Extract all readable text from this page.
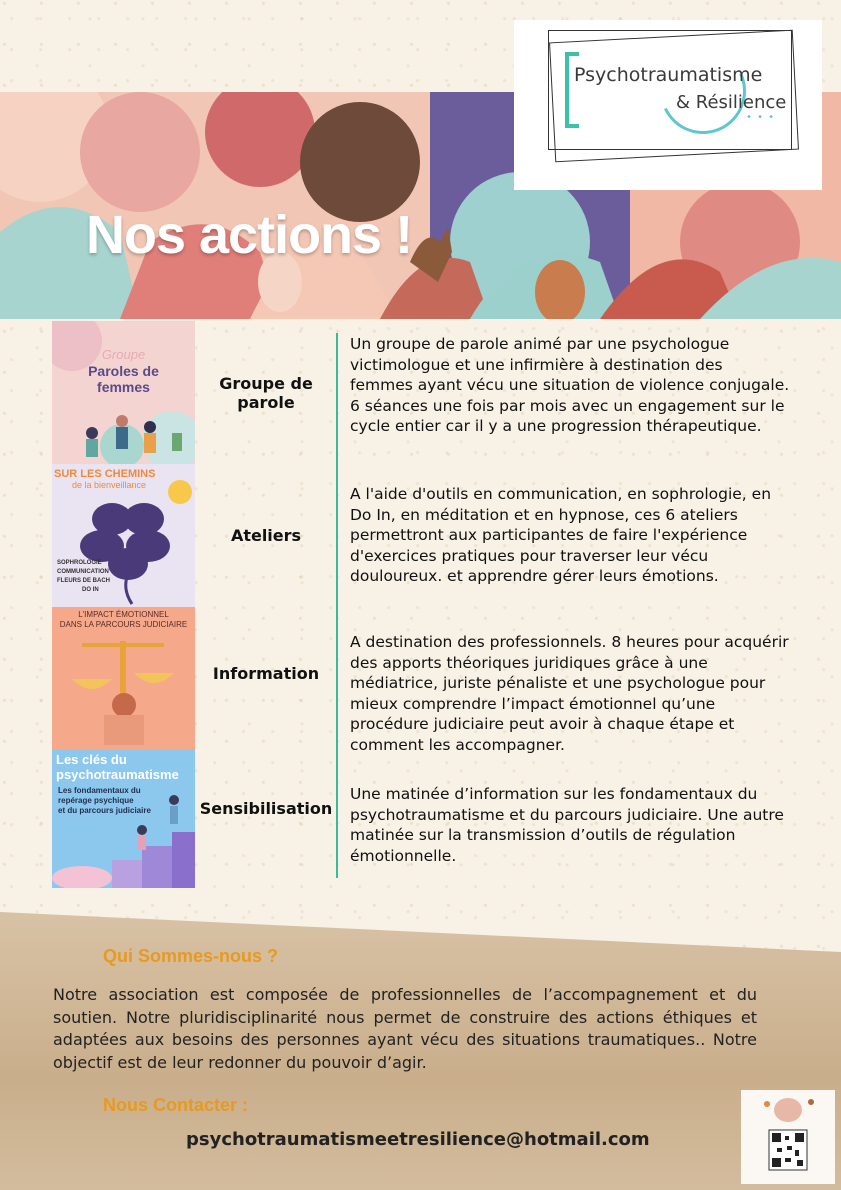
Nos actions !
Psychotraumatisme
& Résilience
• • •
Groupe
Paroles de
femmes
SUR LES CHEMINS
de la bienveillance
SOPHROLOGIE
COMMUNICATION
FLEURS DE BACH
DO IN
L'IMPACT ÉMOTIONNEL
DANS LA PARCOURS JUDICIAIRE
Les clés du
psychotraumatisme
Les fondamentaux du
repérage psychique
et du parcours judiciaire
Groupe de parole
Ateliers
Information
Sensibilisation
Un groupe de parole animé par une psychologue victimologue et une infirmière à destination des femmes ayant vécu une situation de violence conjugale. 6 séances une fois par mois avec un engagement sur le cycle entier car il y a une progression thérapeutique.
A l'aide d'outils en communication, en sophrologie, en Do In, en méditation et en hypnose, ces 6 ateliers permettront aux participantes de faire l'expérience d'exercices pratiques pour traverser leur vécu douloureux. et apprendre gérer leurs émotions.
A destination des professionnels. 8 heures pour acquérir des apports théoriques juridiques grâce à une médiatrice, juriste pénaliste et une psychologue pour mieux comprendre l’impact émotionnel qu’une procédure judiciaire peut avoir à chaque étape et comment les accompagner.
Une matinée d’information sur les fondamentaux du psychotraumatisme et du parcours judiciaire. Une autre matinée sur la transmission d’outils de régulation émotionnelle.
Qui Sommes-nous ?
Notre association est composée de professionnelles de l’accompagnement et du soutien. Notre pluridisciplinarité nous permet de construire des actions éthiques et adaptées aux besoins des personnes ayant vécu des situations traumatiques.. Notre objectif est de leur redonner du pouvoir d’agir.
Nous Contacter :
psychotraumatismeetresilience@hotmail.com
